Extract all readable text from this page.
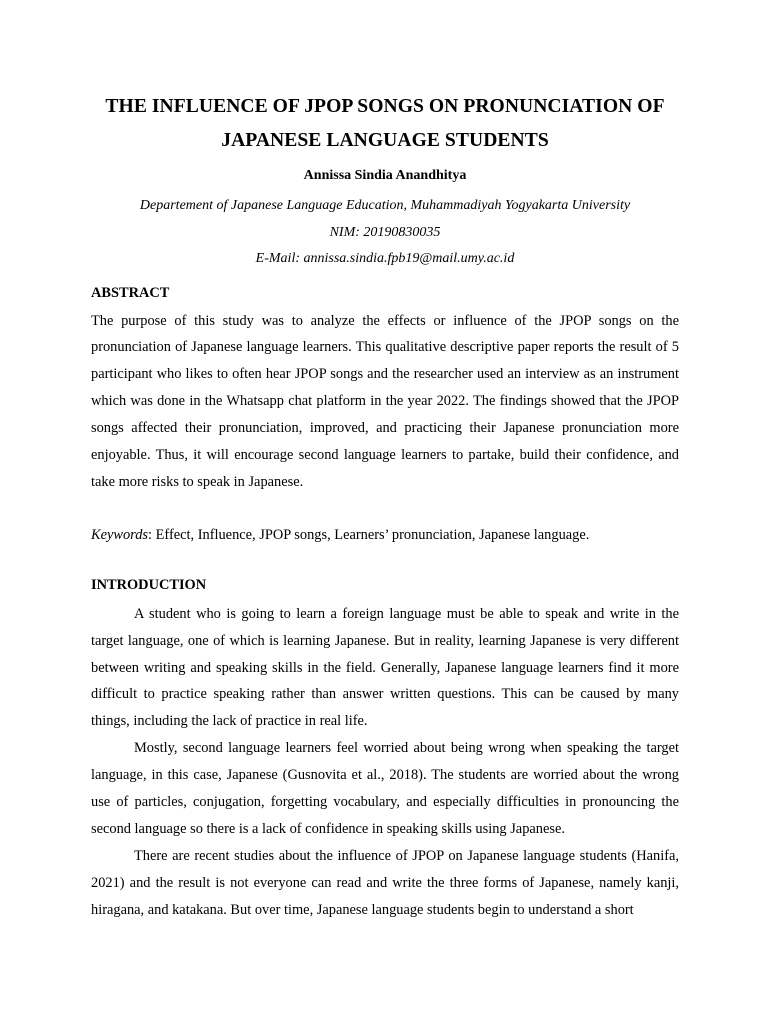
THE INFLUENCE OF JPOP SONGS ON PRONUNCIATION OF
JAPANESE LANGUAGE STUDENTS
Annissa Sindia Anandhitya
Departement of Japanese Language Education, Muhammadiyah Yogyakarta University
NIM: 20190830035
E-Mail: annissa.sindia.fpb19@mail.umy.ac.id
ABSTRACT

The purpose of this study was to analyze the effects or influence of the JPOP songs on the pronunciation of Japanese language learners. This qualitative descriptive paper reports the result of 5 participant who likes to often hear JPOP songs and the researcher used an interview as an instrument which was done in the Whatsapp chat platform in the year 2022. The findings showed that the JPOP songs affected their pronunciation, improved, and practicing their Japanese pronunciation more enjoyable. Thus, it will encourage second language learners to partake, build their confidence, and take more risks to speak in Japanese.

Keywords: Effect, Influence, JPOP songs, Learners’ pronunciation, Japanese language.

INTRODUCTION

A student who is going to learn a foreign language must be able to speak and write in the target language, one of which is learning Japanese. But in reality, learning Japanese is very different between writing and speaking skills in the field. Generally, Japanese language learners find it more difficult to practice speaking rather than answer written questions. This can be caused by many things, including the lack of practice in real life.

Mostly, second language learners feel worried about being wrong when speaking the target language, in this case, Japanese (Gusnovita et al., 2018). The students are worried about the wrong use of particles, conjugation, forgetting vocabulary, and especially difficulties in pronouncing the second language so there is a lack of confidence in speaking skills using Japanese.

There are recent studies about the influence of JPOP on Japanese language students (Hanifa, 2021) and the result is not everyone can read and write the three forms of Japanese, namely kanji, hiragana, and katakana. But over time, Japanese language students begin to understand a short
